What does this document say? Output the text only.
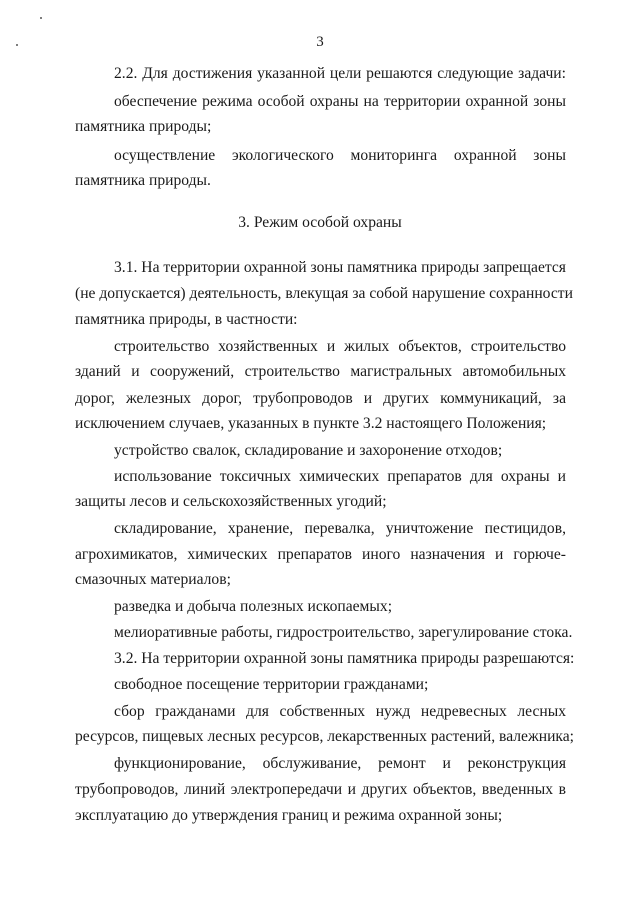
3
2.2. Для достижения указанной цели решаются следующие задачи:
обеспечение режима особой охраны на территории охранной зоны
памятника природы;
осуществление экологического мониторинга охранной зоны
памятника природы.
3. Режим особой охраны
3.1. На территории охранной зоны памятника природы запрещается
(не допускается) деятельность, влекущая за собой нарушение сохранности
памятника природы, в частности:
строительство хозяйственных и жилых объектов, строительство
зданий и сооружений, строительство магистральных автомобильных
дорог, железных дорог, трубопроводов и других коммуникаций, за
исключением случаев, указанных в пункте 3.2 настоящего Положения;
устройство свалок, складирование и захоронение отходов;
использование токсичных химических препаратов для охраны и
защиты лесов и сельскохозяйственных угодий;
складирование, хранение, перевалка, уничтожение пестицидов,
агрохимикатов, химических препаратов иного назначения и горюче-
смазочных материалов;
разведка и добыча полезных ископаемых;
мелиоративные работы, гидростроительство, зарегулирование стока.
3.2. На территории охранной зоны памятника природы разрешаются:
свободное посещение территории гражданами;
сбор гражданами для собственных нужд недревесных лесных
ресурсов, пищевых лесных ресурсов, лекарственных растений, валежника;
функционирование, обслуживание, ремонт и реконструкция
трубопроводов, линий электропередачи и других объектов, введенных в
эксплуатацию до утверждения границ и режима охранной зоны;
